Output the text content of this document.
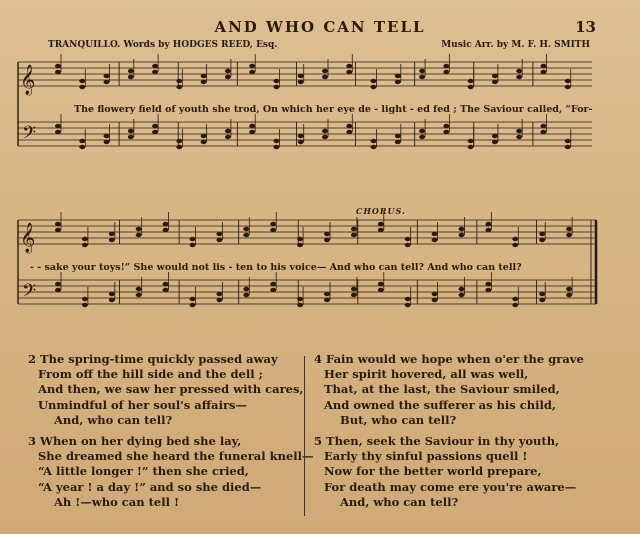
AND WHO CAN TELL	13
TRANQUILLO. Words by HODGES REED, Esq.	Music Arr. by M. F. H. SMITH
𝄞
𝄢
𝄞
𝄢
The flowery field of youth she trod, On which her eye de - light - ed fed ; The Saviour called, “For-
CHORUS.
- - sake your toys!” She would not lis - ten to his voice— And who can tell? And who can tell?
2 The spring-time quickly passed away
From off the hill side and the dell ;
And then, we saw her pressed with cares,
Unmindful of her soul's affairs—
And, who can tell?
3 When on her dying bed she lay,
She dreamed she heard the funeral knell—
“A little longer !” then she cried,
“A year ! a day !” and so she died—
Ah !—who can tell !
4 Fain would we hope when o'er the grave
Her spirit hovered, all was well,
That, at the last, the Saviour smiled,
And owned the sufferer as his child,
But, who can tell?
5 Then, seek the Saviour in thy youth,
Early thy sinful passions quell !
Now for the better world prepare,
For death may come ere you're aware—
And, who can tell?
